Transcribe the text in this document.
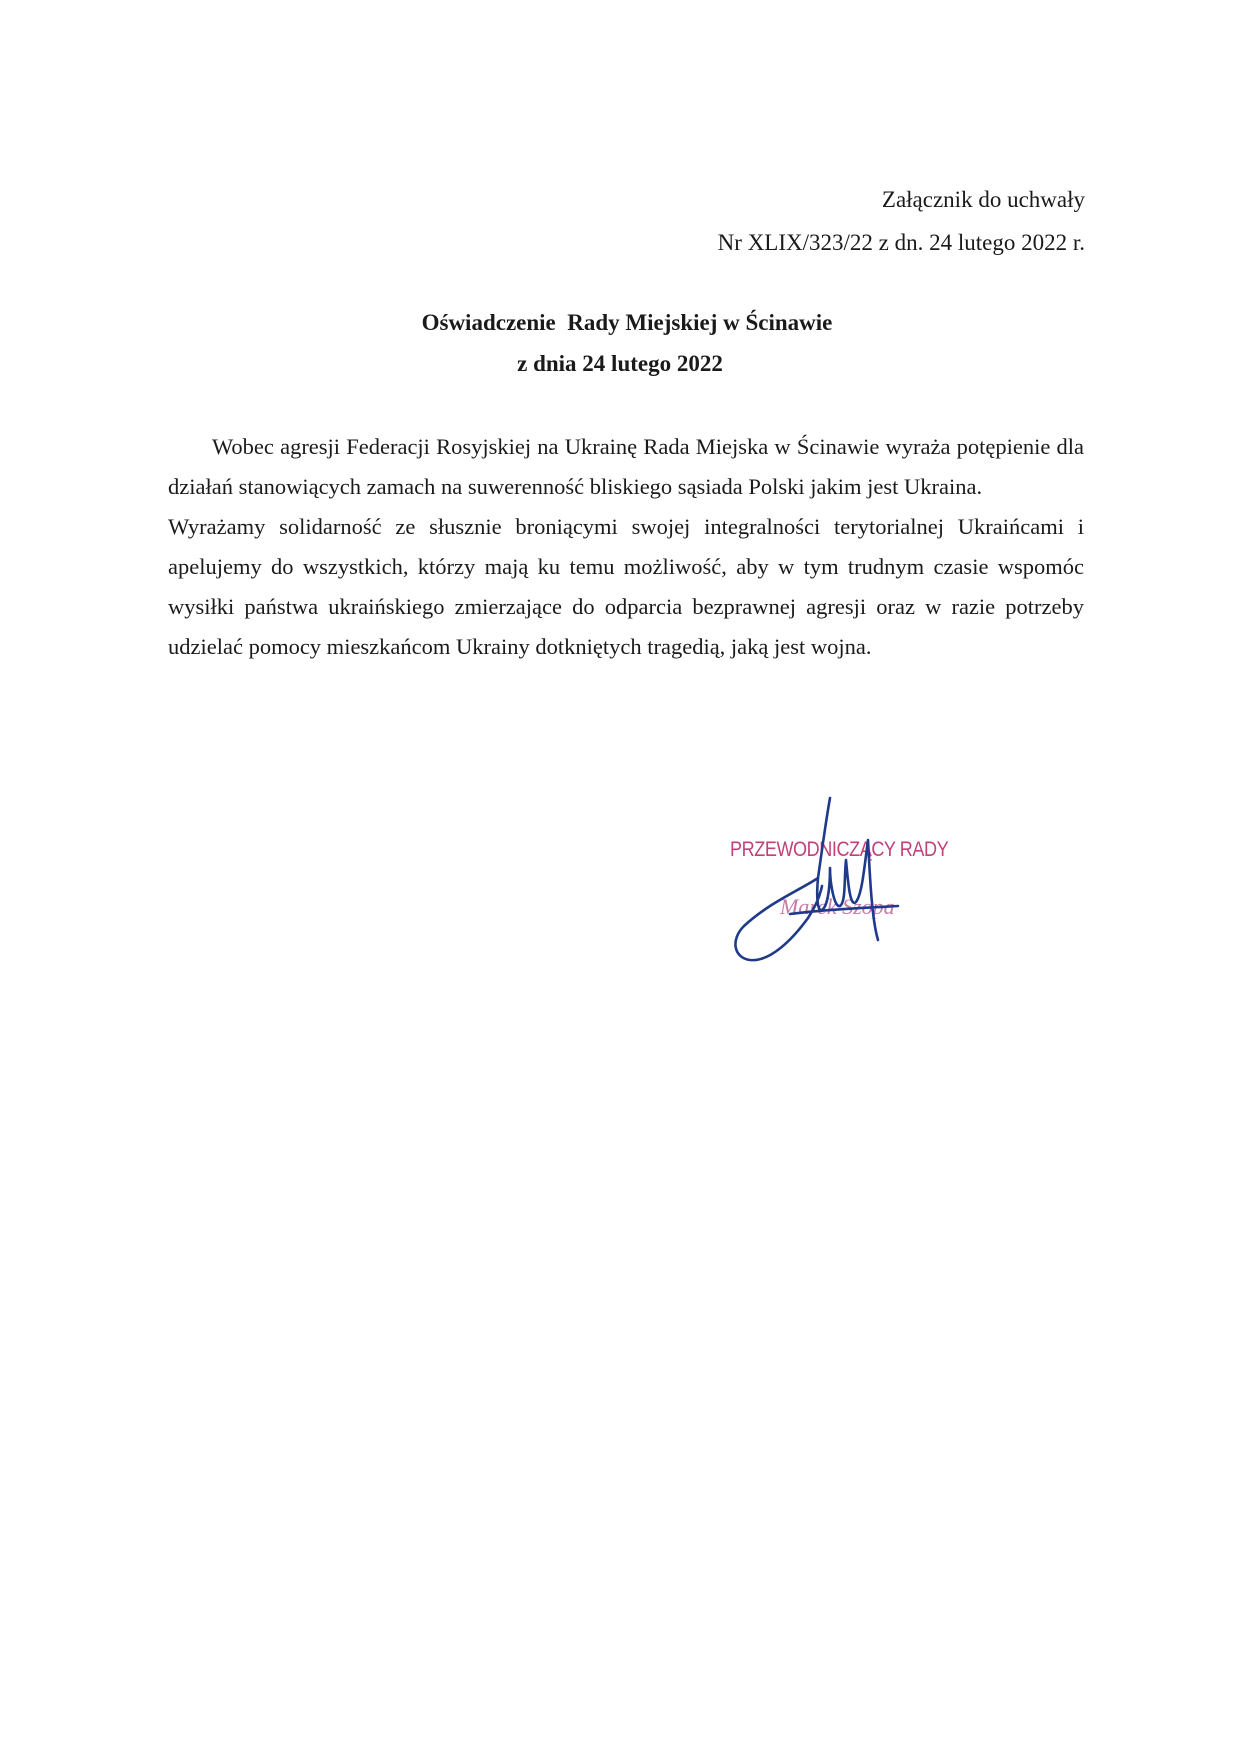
Załącznik do uchwały
Nr XLIX/323/22 z dn. 24 lutego 2022 r.
Oświadczenie  Rady Miejskiej w Ścinawie
z dnia 24 lutego 2022

Wobec agresji Federacji Rosyjskiej na Ukrainę Rada Miejska w Ścinawie wyraża potępienie dla działań stanowiących zamach na suwerenność bliskiego sąsiada Polski jakim jest Ukraina.

Wyrażamy solidarność ze słusznie broniącymi swojej integralności terytorialnej Ukraińcami i apelujemy do wszystkich, którzy mają ku temu możliwość, aby w tym trudnym czasie wspomóc wysiłki państwa ukraińskiego zmierzające do odparcia bezprawnej agresji oraz w razie potrzeby udzielać pomocy mieszkańcom Ukrainy dotkniętych tragedią, jaką jest wojna.

PRZEWODNICZĄCY RADY
Marek Szopa
